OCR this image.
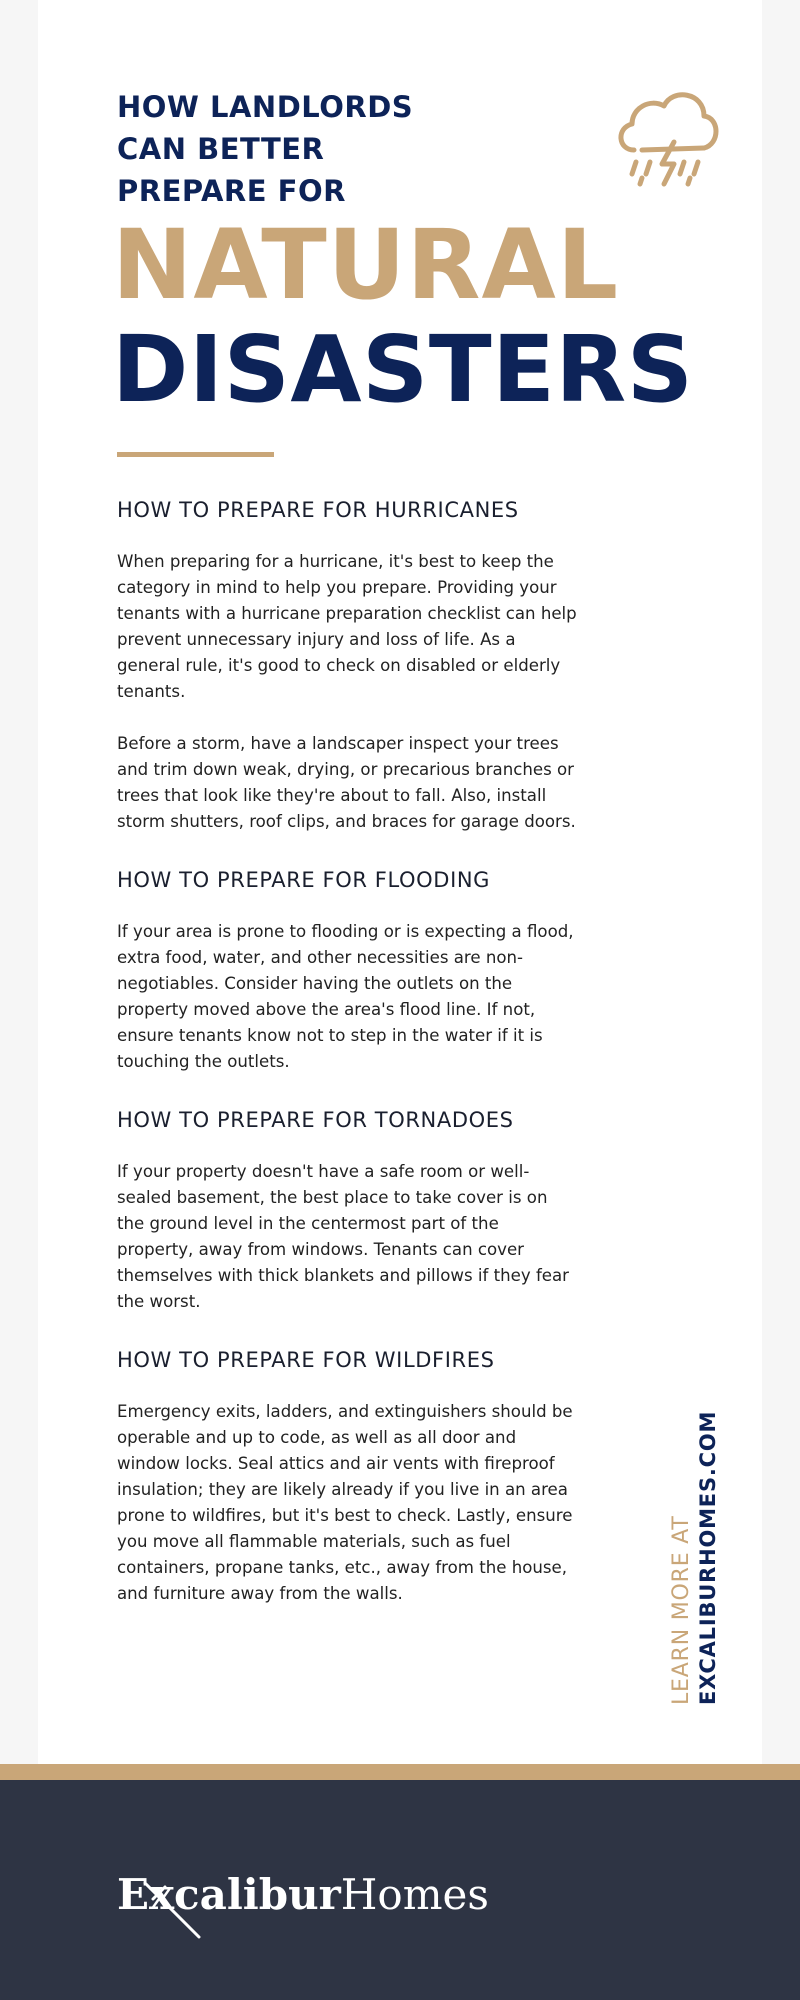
HOW LANDLORDS
CAN BETTER
PREPARE FOR
NATURAL
DISASTERS
HOW TO PREPARE FOR HURRICANES

When preparing for a hurricane, it's best to keep the category in mind to help you prepare. Providing your tenants with a hurricane preparation checklist can help prevent unnecessary injury and loss of life. As a general rule, it's good to check on disabled or elderly tenants.

Before a storm, have a landscaper inspect your trees and trim down weak, drying, or precarious branches or trees that look like they're about to fall. Also, install storm shutters, roof clips, and braces for garage doors.

HOW TO PREPARE FOR FLOODING

If your area is prone to flooding or is expecting a flood, extra food, water, and other necessities are non-negotiables. Consider having the outlets on the property moved above the area's flood line. If not, ensure tenants know not to step in the water if it is touching the outlets.

HOW TO PREPARE FOR TORNADOES

If your property doesn't have a safe room or well-sealed basement, the best place to take cover is on the ground level in the centermost part of the property, away from windows. Tenants can cover themselves with thick blankets and pillows if they fear the worst.

HOW TO PREPARE FOR WILDFIRES

Emergency exits, ladders, and extinguishers should be operable and up to code, as well as all door and window locks. Seal attics and air vents with fireproof insulation; they are likely already if you live in an area prone to wildfires, but it's best to check. Lastly, ensure you move all flammable materials, such as fuel containers, propane tanks, etc., away from the house, and furniture away from the walls.	LEARN MORE AT EXCALIBURHOMES.COM
ExcaliburHomes
